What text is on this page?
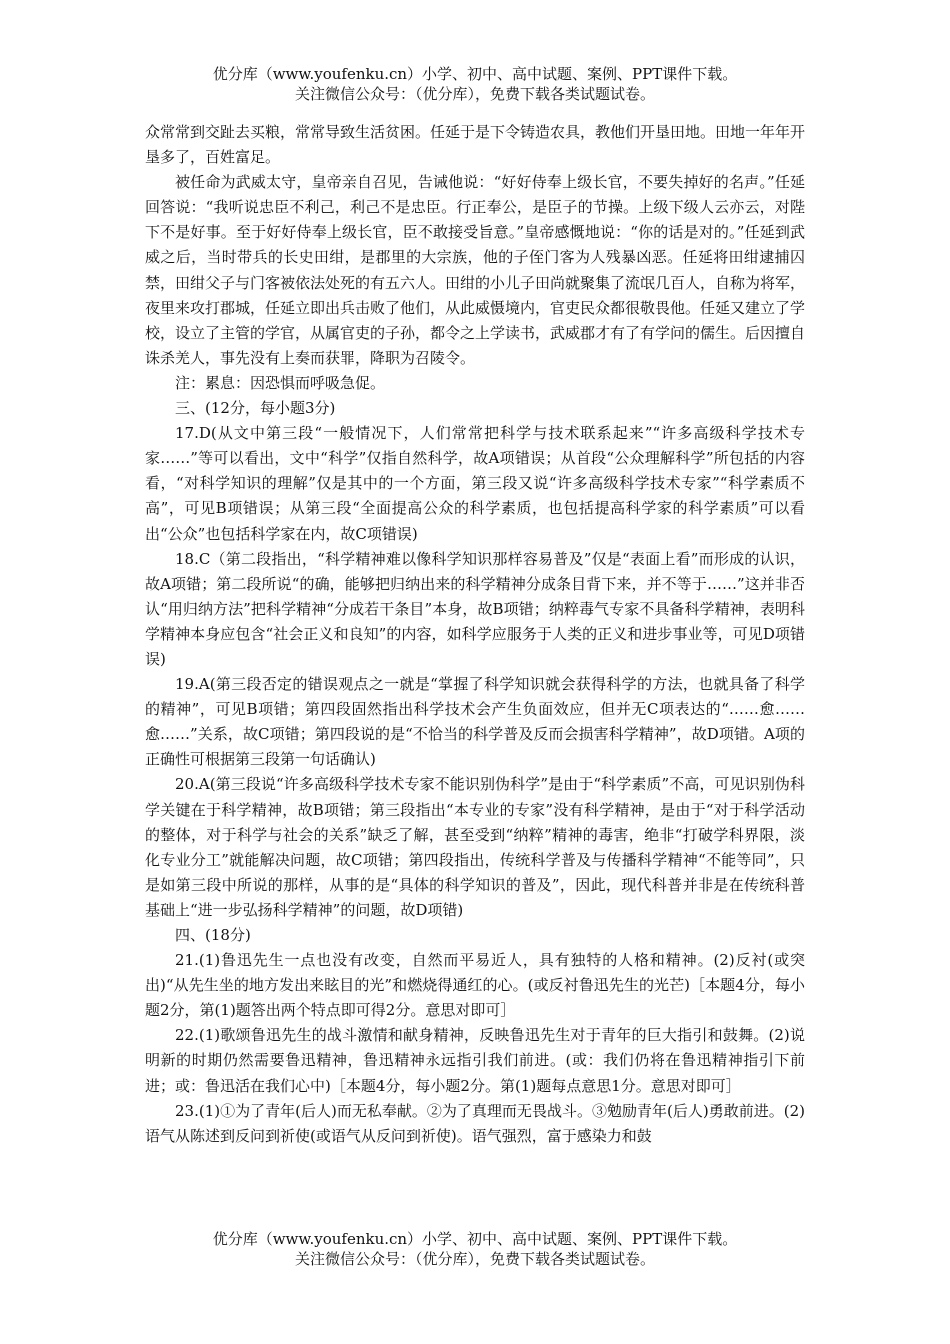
优分库（www.youfenku.cn）小学、初中、高中试题、案例、PPT课件下载。
关注微信公众号：（优分库），免费下载各类试题试卷。

众常常到交趾去买粮，常常导致生活贫困。任延于是下令铸造农具，教他们开垦田地。田地一年年开垦多了，百姓富足。

被任命为武威太守，皇帝亲自召见，告诫他说：“好好侍奉上级长官，不要失掉好的名声。”任延回答说：“我听说忠臣不利己，利己不是忠臣。行正奉公，是臣子的节操。上级下级人云亦云，对陛下不是好事。至于好好侍奉上级长官，臣不敢接受旨意。”皇帝感慨地说：“你的话是对的。”任延到武威之后，当时带兵的长史田绀，是郡里的大宗族，他的子侄门客为人残暴凶恶。任延将田绀逮捕囚禁，田绀父子与门客被依法处死的有五六人。田绀的小儿子田尚就聚集了流氓几百人，自称为将军，夜里来攻打郡城，任延立即出兵击败了他们，从此威慑境内，官吏民众都很敬畏他。任延又建立了学校，设立了主管的学官，从属官吏的子孙，都令之上学读书，武威郡才有了有学问的儒生。后因擅自诛杀羌人，事先没有上奏而获罪，降职为召陵令。

注：累息：因恐惧而呼吸急促。

三、(12分，每小题3分)

17.D(从文中第三段“一般情况下，人们常常把科学与技术联系起来”“许多高级科学技术专家……”等可以看出，文中“科学”仅指自然科学，故A项错误；从首段“公众理解科学”所包括的内容看，“对科学知识的理解”仅是其中的一个方面，第三段又说“许多高级科学技术专家”“科学素质不高”，可见B项错误；从第三段“全面提高公众的科学素质，也包括提高科学家的科学素质”可以看出“公众”也包括科学家在内，故C项错误)

18.C（第二段指出，“科学精神难以像科学知识那样容易普及”仅是“表面上看”而形成的认识，故A项错；第二段所说“的确，能够把归纳出来的科学精神分成条目背下来，并不等于……”这并非否认“用归纳方法”把科学精神“分成若干条目”本身，故B项错；纳粹毒气专家不具备科学精神，表明科学精神本身应包含“社会正义和良知”的内容，如科学应服务于人类的正义和进步事业等，可见D项错误)

19.A(第三段否定的错误观点之一就是“掌握了科学知识就会获得科学的方法，也就具备了科学的精神”，可见B项错；第四段固然指出科学技术会产生负面效应，但并无C项表达的“……愈……愈……”关系，故C项错；第四段说的是“不恰当的科学普及反而会损害科学精神”，故D项错。A项的正确性可根据第三段第一句话确认)

20.A(第三段说“许多高级科学技术专家不能识别伪科学”是由于“科学素质”不高，可见识别伪科学关键在于科学精神，故B项错；第三段指出“本专业的专家”没有科学精神，是由于“对于科学活动的整体，对于科学与社会的关系”缺乏了解，甚至受到“纳粹”精神的毒害，绝非“打破学科界限，淡化专业分工”就能解决问题，故C项错；第四段指出，传统科学普及与传播科学精神“不能等同”，只是如第三段中所说的那样，从事的是“具体的科学知识的普及”，因此，现代科普并非是在传统科普基础上“进一步弘扬科学精神”的问题，故D项错)

四、(18分)

21.(1)鲁迅先生一点也没有改变，自然而平易近人，具有独特的人格和精神。(2)反衬(或突出)“从先生坐的地方发出来眩目的光”和燃烧得通红的心。(或反衬鲁迅先生的光芒)［本题4分，每小题2分，第(1)题答出两个特点即可得2分。意思对即可］

22.(1)歌颂鲁迅先生的战斗激情和献身精神，反映鲁迅先生对于青年的巨大指引和鼓舞。(2)说明新的时期仍然需要鲁迅精神，鲁迅精神永远指引我们前进。(或：我们仍将在鲁迅精神指引下前进；或：鲁迅活在我们心中)［本题4分，每小题2分。第(1)题每点意思1分。意思对即可］

23.(1)①为了青年(后人)而无私奉献。②为了真理而无畏战斗。③勉励青年(后人)勇敢前进。(2)语气从陈述到反问到祈使(或语气从反问到祈使)。语气强烈，富于感染力和鼓

优分库（www.youfenku.cn）小学、初中、高中试题、案例、PPT课件下载。
关注微信公众号：（优分库），免费下载各类试题试卷。
